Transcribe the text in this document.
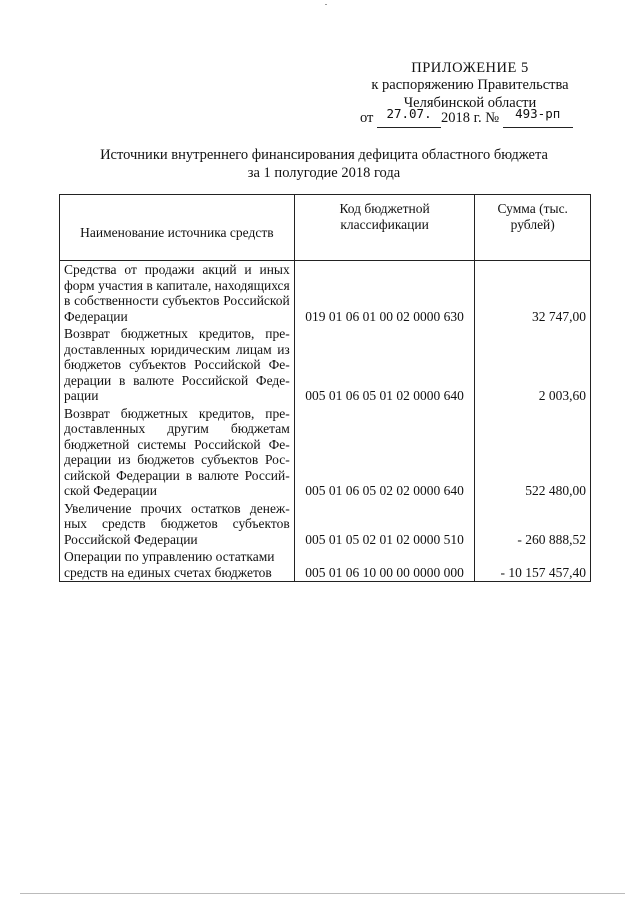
ПРИЛОЖЕНИЕ 5
к распоряжению Правительства
Челябинской области
от 27.07. 2018 г. № 493-рп
Источники внутреннего финансирования дефицита областного бюджета
за 1 полугодие 2018 года
Наименование источника средств	Код бюджетной классификации	Сумма (тыс. рублей)
Средства от продажи акций и иных форм участия в капитале, находящихся в собственности субъектов Российской Федерации	019 01 06 01 00 02 0000 630	32 747,00
Возврат бюджетных кредитов, предоставленных юридическим лицам из бюджетов субъектов Российской Федерации в валюте Российской Федерации	005 01 06 05 01 02 0000 640	2 003,60
Возврат бюджетных кредитов, предоставленных другим бюджетам бюджетной системы Российской Федерации из бюджетов субъектов Российской Федерации в валюте Российской Федерации	005 01 06 05 02 02 0000 640	522 480,00
Увеличение прочих остатков денежных средств бюджетов субъектов Российской Федерации	005 01 05 02 01 02 0000 510	- 260 888,52
Операции по управлению остатками средств на единых счетах бюджетов	005 01 06 10 00 00 0000 000	- 10 157 457,40
